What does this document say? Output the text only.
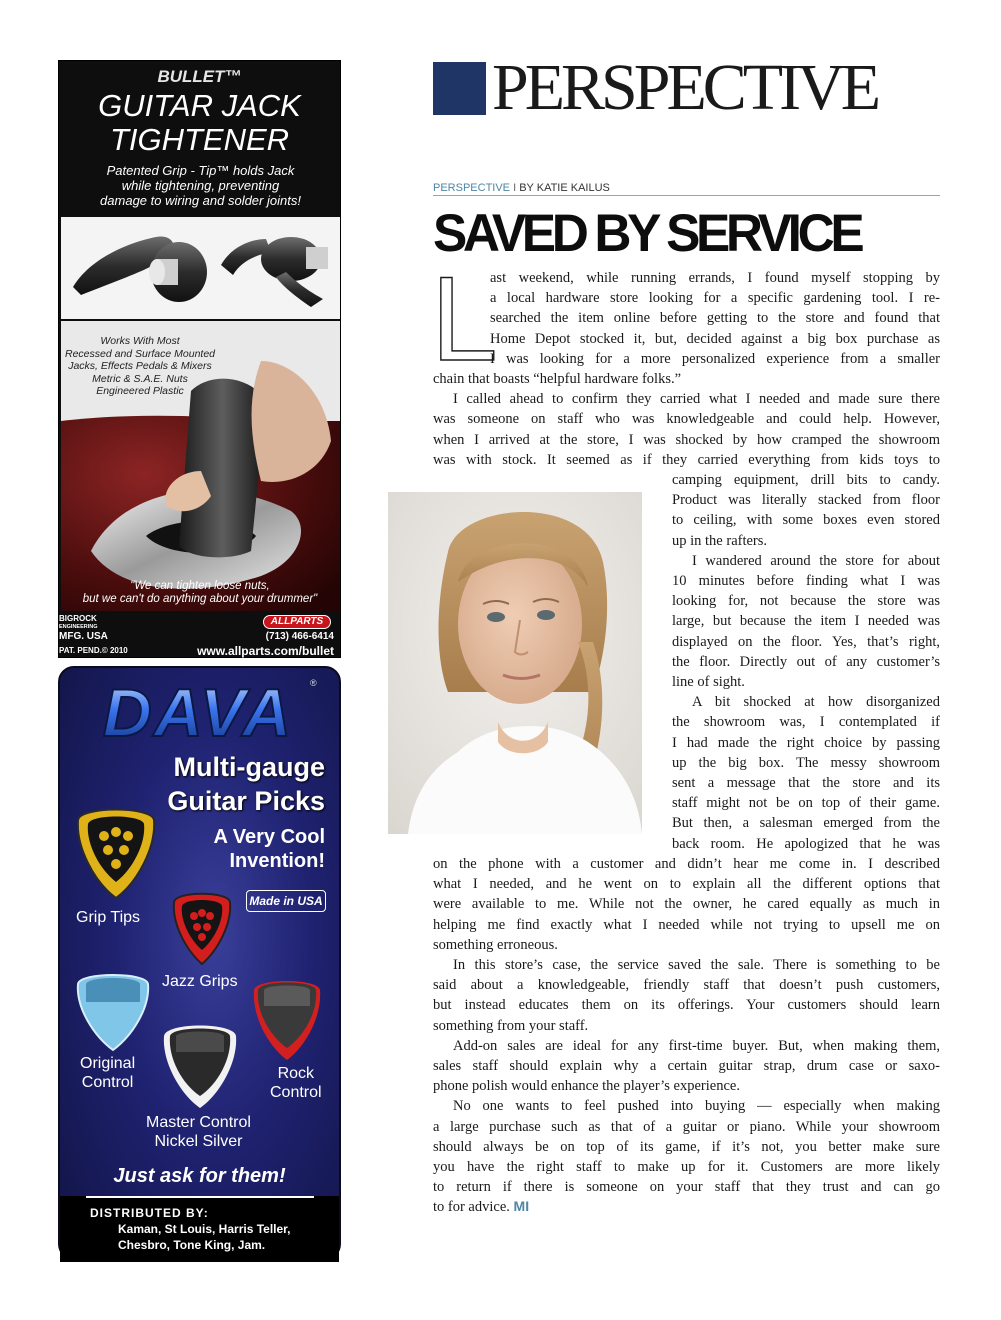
BULLET™
GUITAR JACK
TIGHTENER
Patented Grip - Tip™ holds Jack
while tightening, preventing
damage to wiring and solder joints!
Works With Most
Recessed and Surface Mounted
Jacks, Effects Pedals & Mixers
Metric & S.A.E. Nuts
Engineered Plastic
"We can tighten loose nuts,
but we can't do anything about your drummer"
BIGROCK
ENGINEERING
MFG. USA
PAT. PEND.© 2010
ALLPARTS
(713) 466-6414
www.allparts.com/bullet
DAVA ®
Multi-gauge
Guitar Picks
A Very Cool
Invention!
Made in USA
Grip Tips
Jazz Grips
Original
Control
Rock
Control
Master Control
Nickel Silver
Just ask for them!
DISTRIBUTED BY:
Kaman, St Louis, Harris Teller,
Chesbro, Tone King, Jam.
PERSPECTIVE
PERSPECTIVE I BY KATIE KAILUS
SAVED BY SERVICE
L
ast weekend, while running errands, I found myself stopping by
a local hardware store looking for a specific gardening tool. I re-
searched the item online before getting to the store and found that
Home Depot stocked it, but, decided against a big box purchase as
I was looking for a more personalized experience from a smaller
chain that boasts “helpful hardware folks.”
I called ahead to confirm they carried what I needed and made sure there
was someone on staff who was knowledgeable and could help. However,
when I arrived at the store, I was shocked by how cramped the showroom
was with stock. It seemed as if they carried everything from kids toys to
camping equipment, drill bits to candy.
Product was literally stacked from floor
to ceiling, with some boxes even stored
up in the rafters.
I wandered around the store for about
10 minutes before finding what I was
looking for, not because the store was
large, but because the item I needed was
displayed on the floor. Yes, that’s right,
the floor. Directly out of any customer’s
line of sight.
A bit shocked at how disorganized
the showroom was, I contemplated if
I had made the right choice by passing
up the big box. The messy showroom
sent a message that the store and its
staff might not be on top of their game.
But then, a salesman emerged from the
back room. He apologized that he was
on the phone with a customer and didn’t hear me come in. I described
what I needed, and he went on to explain all the different options that
were available to me. While not the owner, he cared equally as much in
helping me find exactly what I needed while not trying to upsell me on
something erroneous.
In this store’s case, the service saved the sale. There is something to be
said about a knowledgeable, friendly staff that doesn’t push customers,
but instead educates them on its offerings. Your customers should learn
something from your staff.
Add-on sales are ideal for any first-time buyer. But, when making them,
sales staff should explain why a certain guitar strap, drum case or saxo-
phone polish would enhance the player’s experience.
No one wants to feel pushed into buying — especially when making
a large purchase such as that of a guitar or piano. While your showroom
should always be on top of its game, if it’s not, you better make sure
you have the right staff to make up for it. Customers are more likely
to return if there is someone on your staff that they trust and can go
to for advice. MI
